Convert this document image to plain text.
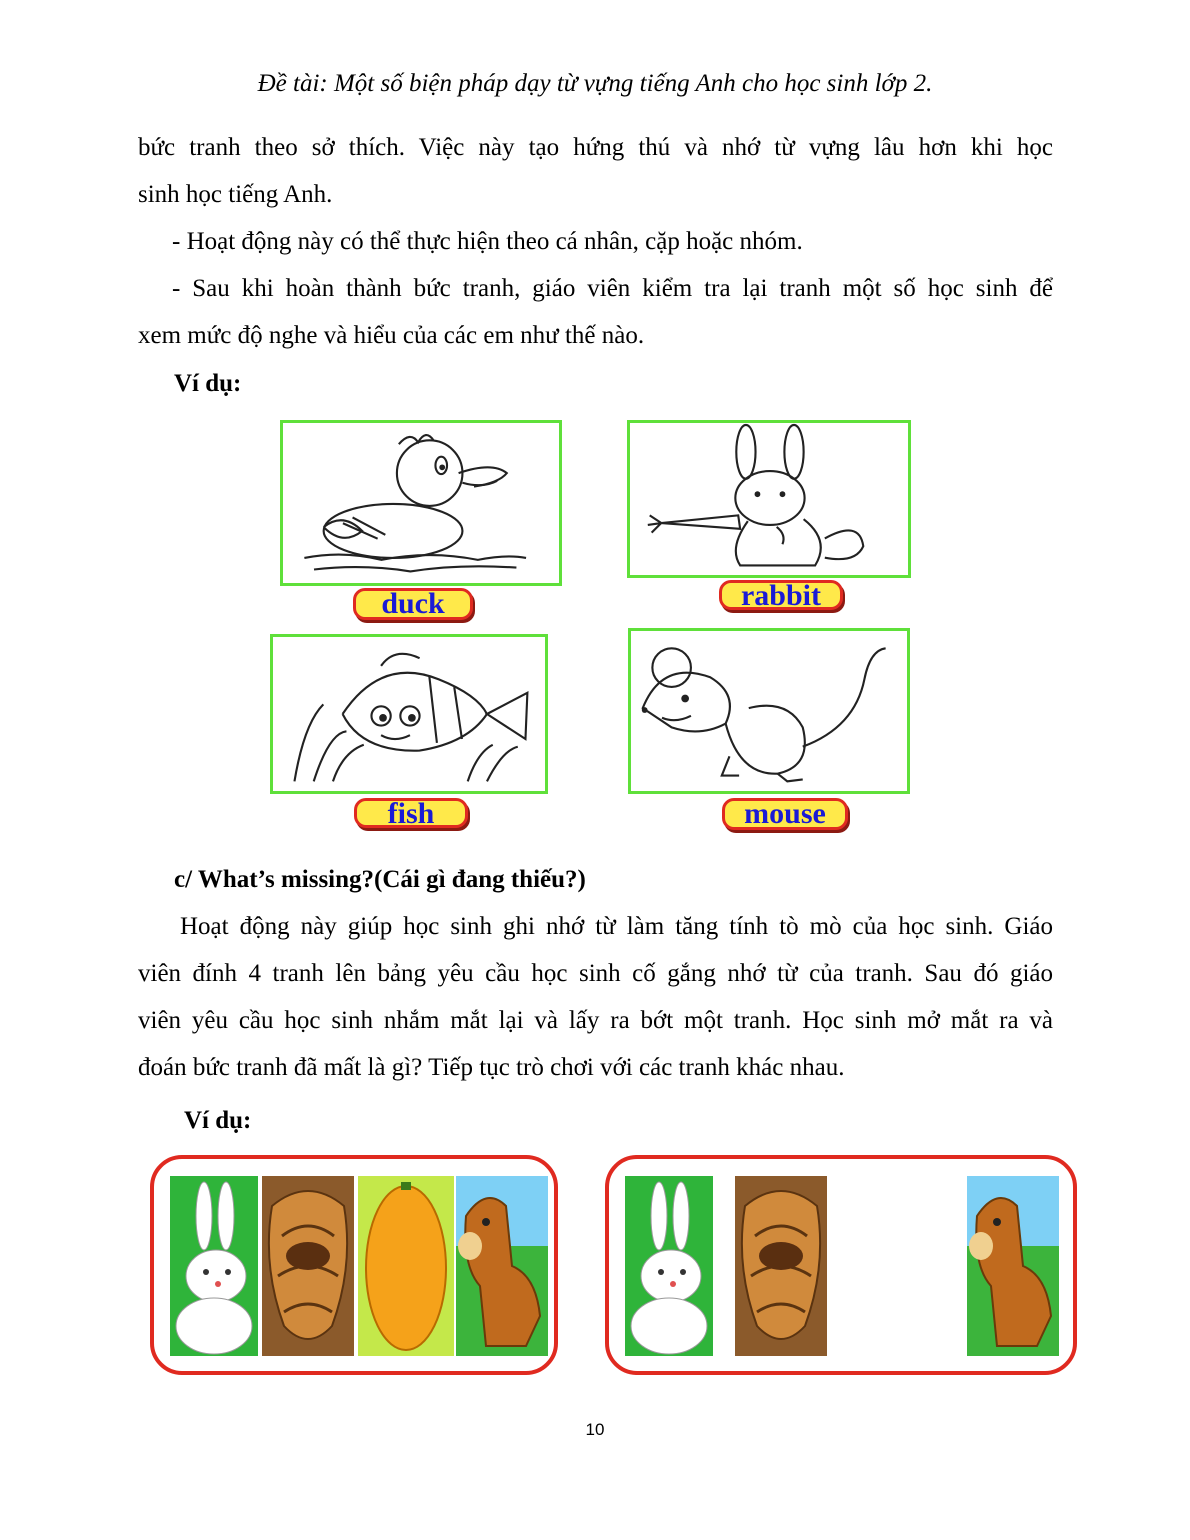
Đề tài: Một số biện pháp dạy từ vựng tiếng Anh cho học sinh lớp 2.

bức tranh theo sở thích. Việc này tạo hứng thú và nhớ từ vựng lâu hơn khi học

sinh học tiếng Anh.

- Hoạt động này có thể thực hiện theo cá nhân, cặp hoặc nhóm.

- Sau khi hoàn thành bức tranh, giáo viên kiểm tra lại tranh một số học sinh để

xem mức độ nghe và hiểu của các em như thế nào.

Ví dụ:

duck	rabbit
fish	mouse

c/ What’s missing?(Cái gì đang thiếu?)

Hoạt động này giúp học sinh ghi nhớ từ làm tăng tính tò mò của học sinh. Giáo

viên đính 4 tranh lên bảng yêu cầu học sinh cố gắng nhớ từ của tranh. Sau đó giáo

viên yêu cầu học sinh nhắm mắt lại và lấy ra bớt một tranh. Học sinh mở mắt ra và

đoán bức tranh đã mất là gì? Tiếp tục trò chơi với các tranh khác nhau.

Ví dụ:

10
